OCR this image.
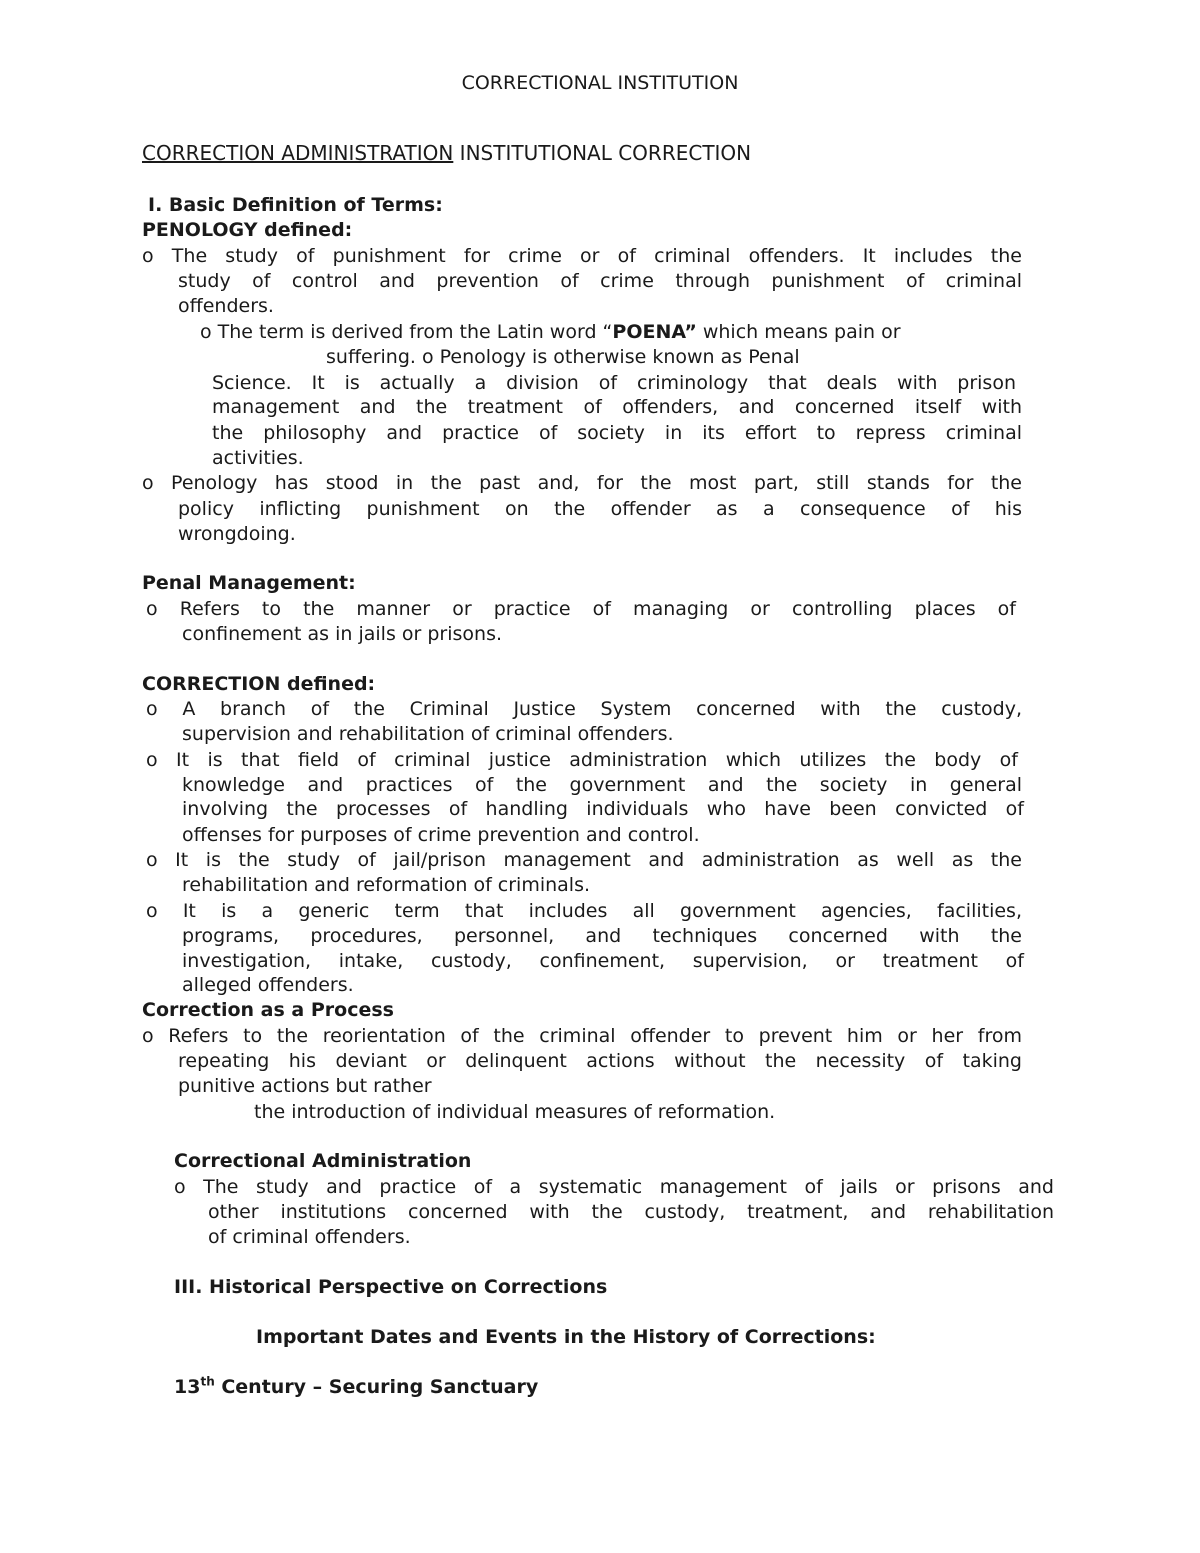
CORRECTIONAL INSTITUTION
CORRECTION ADMINISTRATION INSTITUTIONAL CORRECTION
I. Basic Definition of Terms:
PENOLOGY defined:
o The study of punishment for crime or of criminal offenders. It includes the
study of control and prevention of crime through punishment of criminal
offenders.
o The term is derived from the Latin word “POENA” which means pain or
suffering. o Penology is otherwise known as Penal
Science. It is actually a division of criminology that deals with prison
management and the treatment of offenders, and concerned itself with
the philosophy and practice of society in its effort to repress criminal
activities.
o Penology has stood in the past and, for the most part, still stands for the
policy inflicting punishment on the offender as a consequence of his
wrongdoing.
Penal Management:
o Refers to the manner or practice of managing or controlling places of
confinement as in jails or prisons.
CORRECTION defined:
o A branch of the Criminal Justice System concerned with the custody,
supervision and rehabilitation of criminal offenders.
o It is that field of criminal justice administration which utilizes the body of
knowledge and practices of the government and the society in general
involving the processes of handling individuals who have been convicted of
offenses for purposes of crime prevention and control.
o It is the study of jail/prison management and administration as well as the
rehabilitation and reformation of criminals.
o It is a generic term that includes all government agencies, facilities,
programs, procedures, personnel, and techniques concerned with the
investigation, intake, custody, confinement, supervision, or treatment of
alleged offenders.
Correction as a Process
o Refers to the reorientation of the criminal offender to prevent him or her from
repeating his deviant or delinquent actions without the necessity of taking
punitive actions but rather
the introduction of individual measures of reformation.
Correctional Administration
o The study and practice of a systematic management of jails or prisons and
other institutions concerned with the custody, treatment, and rehabilitation
of criminal offenders.
III. Historical Perspective on Corrections
Important Dates and Events in the History of Corrections:
13th Century – Securing Sanctuary
